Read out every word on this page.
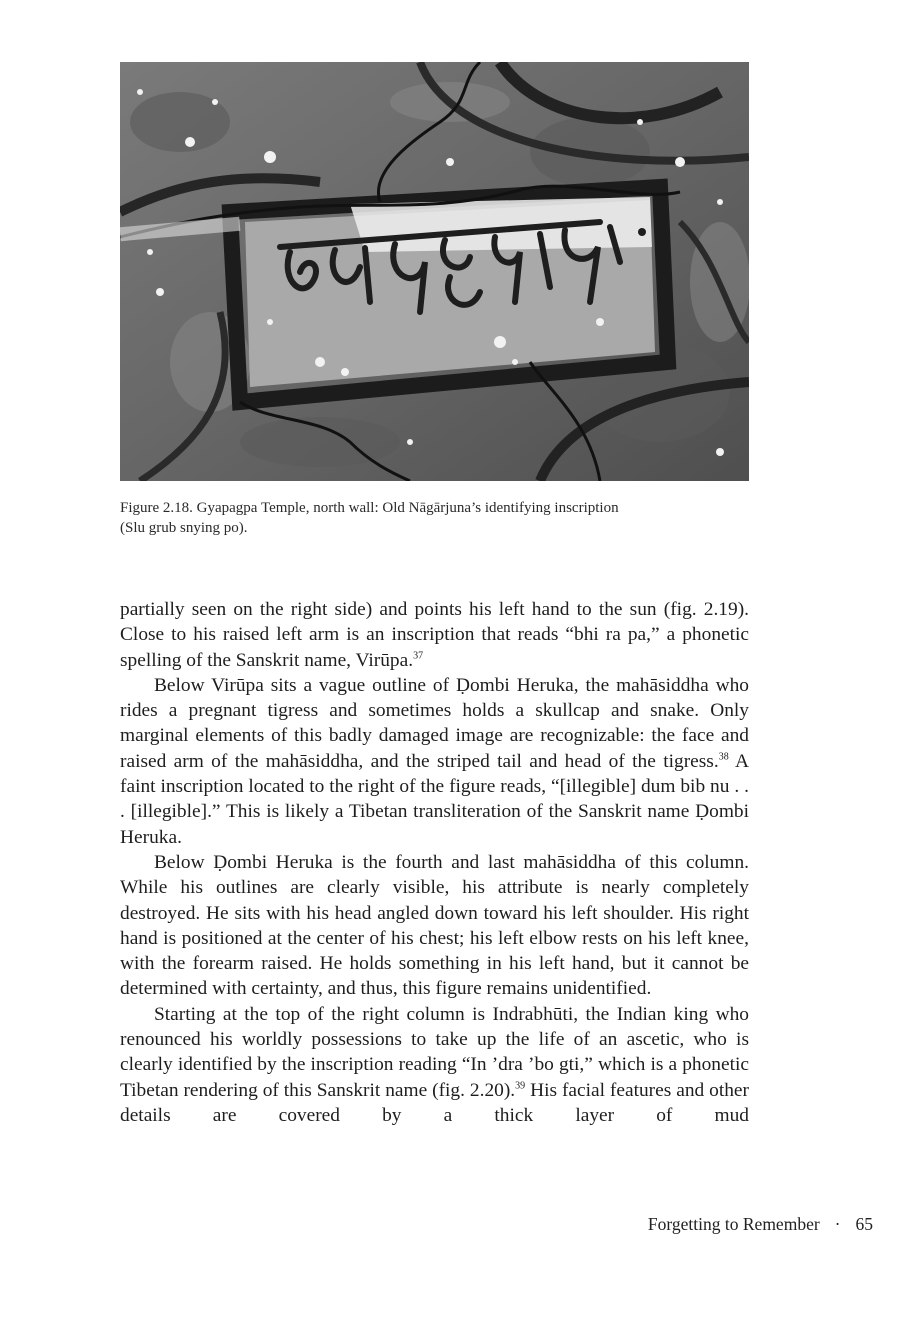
Figure 2.18. Gyapagpa Temple, north wall: Old Nāgārjuna’s identifying inscription
(Slu grub snying po).

partially seen on the right side) and points his left hand to the sun (fig. 2.19). Close to his raised left arm is an inscription that reads “bhi ra pa,” a phonetic spelling of the Sanskrit name, Virūpa.$^{37}$

Below Virūpa sits a vague outline of Ḍombi Heruka, the mahāsiddha who rides a pregnant tigress and sometimes holds a skullcap and snake. Only marginal elements of this badly damaged image are recognizable: the face and raised arm of the mahāsiddha, and the striped tail and head of the tigress.$^{38}$ A faint inscription located to the right of the figure reads, “[illegible] dum bib nu . . . [illegible].” This is likely a Tibetan transliteration of the Sanskrit name Ḍombi Heruka.

Below Ḍombi Heruka is the fourth and last mahāsiddha of this column. While his outlines are clearly visible, his attribute is nearly completely destroyed. He sits with his head angled down toward his left shoulder. His right hand is positioned at the center of his chest; his left elbow rests on his left knee, with the forearm raised. He holds something in his left hand, but it cannot be determined with certainty, and thus, this figure remains unidentified.

Starting at the top of the right column is Indrabhūti, the Indian king who renounced his worldly possessions to take up the life of an ascetic, who is clearly identified by the inscription reading “In ’dra ’bo gti,” which is a phonetic Tibetan rendering of this Sanskrit name (fig. 2.20).$^{39}$ His facial features and other details are covered by a thick layer of mud

Forgetting to Remember · 65
